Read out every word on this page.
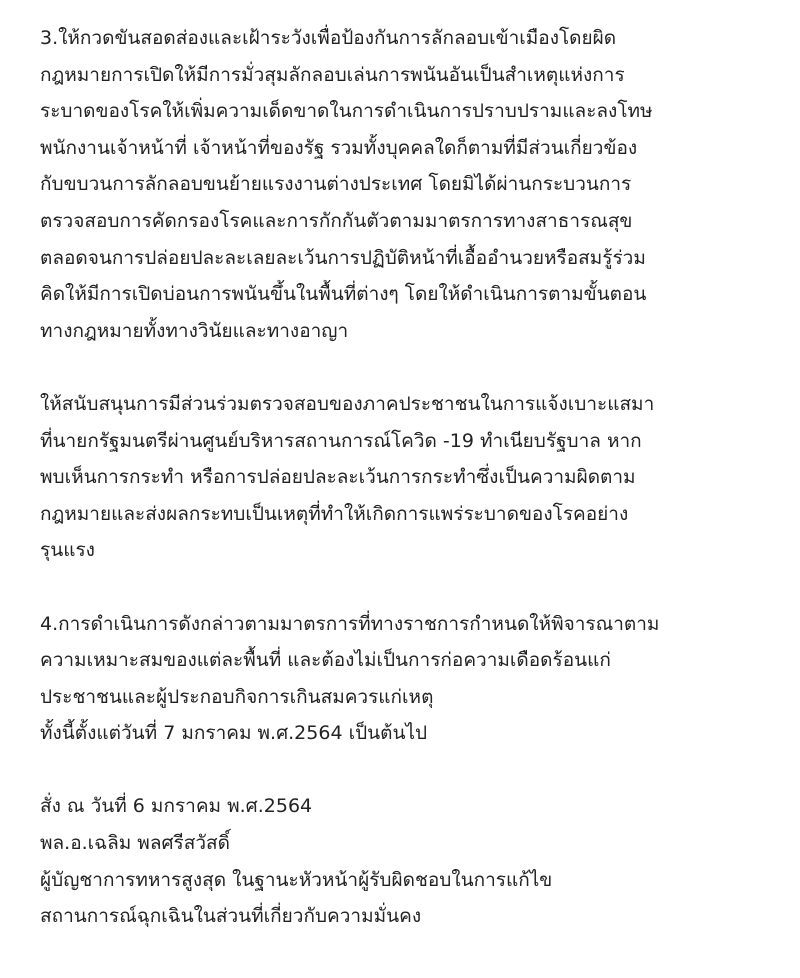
3.ให้กวดขันสอดส่องและเฝ้าระวังเพื่อป้องกันการลักลอบเข้าเมืองโดยผิด
กฎหมายการเปิดให้มีการมั่วสุมลักลอบเล่นการพนันอันเป็นสำเหตุแห่งการ
ระบาดของโรคให้เพิ่มความเด็ดขาดในการดำเนินการปราบปรามและลงโทษ
พนักงานเจ้าหน้าที่ เจ้าหน้าที่ของรัฐ รวมทั้งบุคคลใดก็ตามที่มีส่วนเกี่ยวข้อง
กับขบวนการลักลอบขนย้ายแรงงานต่างประเทศ โดยมิได้ผ่านกระบวนการ
ตรวจสอบการคัดกรองโรคและการกักกันตัวตามมาตรการทางสาธารณสุข
ตลอดจนการปล่อยปละละเลยละเว้นการปฏิบัติหน้าที่เอื้ออำนวยหรือสมรู้ร่วม
คิดให้มีการเปิดบ่อนการพนันขึ้นในพื้นที่ต่างๆ โดยให้ดำเนินการตามขั้นตอน
ทางกฎหมายทั้งทางวินัยและทางอาญา
ให้สนับสนุนการมีส่วนร่วมตรวจสอบของภาคประชาชนในการแจ้งเบาะแสมา
ที่นายกรัฐมนตรีผ่านศูนย์บริหารสถานการณ์โควิด -19 ทำเนียบรัฐบาล หาก
พบเห็นการกระทำ หรือการปล่อยปละละเว้นการกระทำซึ่งเป็นความผิดตาม
กฎหมายและส่งผลกระทบเป็นเหตุที่ทำให้เกิดการแพร่ระบาดของโรคอย่าง
รุนแรง
4.การดำเนินการดังกล่าวตามมาตรการที่ทางราชการกำหนดให้พิจารณาตาม
ความเหมาะสมของแต่ละพื้นที่ และต้องไม่เป็นการก่อความเดือดร้อนแก่
ประชาชนและผู้ประกอบกิจการเกินสมควรแก่เหตุ
ทั้งนี้ตั้งแต่วันที่ 7 มกราคม พ.ศ.2564 เป็นต้นไป
สั่ง ณ วันที่ 6 มกราคม พ.ศ.2564
พล.อ.เฉลิม พลศรีสวัสดิ์
ผู้บัญชาการทหารสูงสุด ในฐานะหัวหน้าผู้รับผิดชอบในการแก้ไข
สถานการณ์ฉุกเฉินในส่วนที่เกี่ยวกับความมั่นคง
